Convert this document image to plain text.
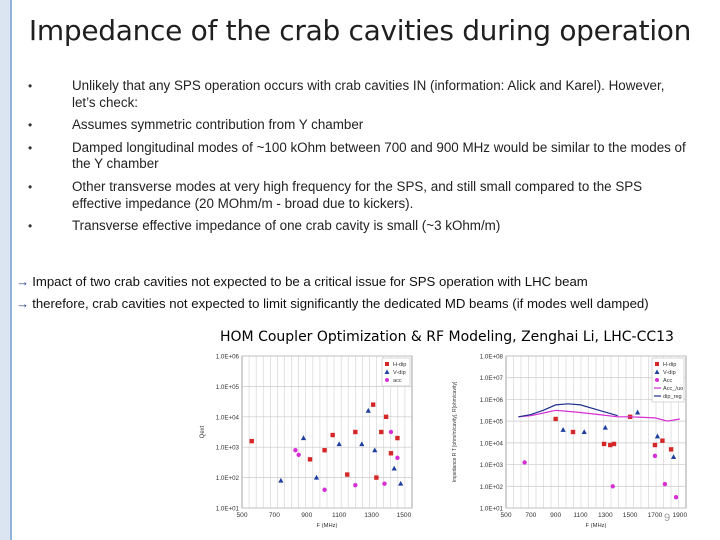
Impedance of the crab cavities during operation
•	Unlikely that any SPS operation occurs with crab cavities IN (information: Alick and Karel). However, let’s check:
•	Assumes symmetric contribution from Y chamber
•	Damped longitudinal modes of ~100 kOhm between 700 and 900 MHz would be similar to the modes of the Y chamber
•	Other transverse modes at very high frequency for the SPS, and still small compared to the SPS effective impedance (20 MOhm/m - broad due to kickers).
•	Transverse effective impedance of one crab cavity is small (~3 kOhm/m)
→ Impact of two crab cavities not expected to be a critical issue for SPS operation with LHC beam
→ therefore, crab cavities not expected to limit significantly the dedicated MD beams (if modes well damped)
HOM Coupler Optimization & RF Modeling, Zenghai Li, LHC-CC13
1.0E+06
1.0E+05
1.0E+04
1.0E+03
1.0E+02
1.0E+01
500	700	900	1100	1300	1500
F (MHz)
Qext
H-dip
V-dip
acc
1.0E+08
1.0E+07
1.0E+06
1.0E+05
1.0E+04
1.0E+03
1.0E+02
1.0E+01
500 700 900 1100 1300 1500 1700 1900
F (MHz)
Impedance R T [ohm/m/cavity], R[ohm/cavity]
H-dip
V-dip
Acc
Acc_/uo
dip_reg
9
